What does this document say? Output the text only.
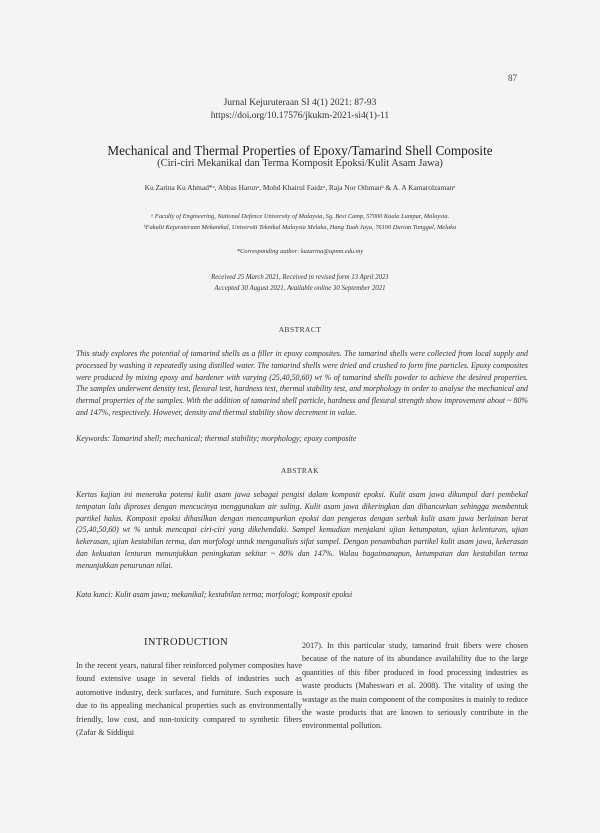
87
Jurnal Kejuruteraan SI 4(1) 2021: 87-93
https://doi.org/10.17576/jkukm-2021-si4(1)-11
Mechanical and Thermal Properties of Epoxy/Tamarind Shell Composite
(Ciri-ciri Mekanikal dan Terma Komposit Epoksi/Kulit Asam Jawa)
Ku Zarina Ku Ahmad*ᵃ, Abbas Harunᵃ, Mohd Khairul Faidzᵃ, Raja Nor Othmanᵇ & A. A Kamarolzamanᵃ
ᵃ Faculty of Engineering, National Defence University of Malaysia, Sg. Besi Camp, 57000 Kuala Lumpur, Malaysia.
ᵇFakulti Kejuruteraan Mekanikal, Universiti Teknikal Malaysia Melaka, Hang Tuah Jaya, 76100 Durian Tunggal, Melaka
*Corresponding author: kuzarina@upnm.edu.my
Received 25 March 2021, Received in revised form 13 April 2021
Accepted 30 August 2021, Available online 30 September 2021
ABSTRACT
This study explores the potential of tamarind shells as a filler in epoxy composites. The tamarind shells were collected from local supply and processed by washing it repeatedly using distilled water. The tamarind shells were dried and crushed to form fine particles. Epoxy composites were produced by mixing epoxy and hardener with varying (25,40,50,60) wt % of tamarind shells powder to achieve the desired properties. The samples underwent density test, flexural test, hardness test, thermal stability test, and morphology in order to analyse the mechanical and thermal properties of the samples. With the addition of tamarind shell particle, hardness and flexural strength show improvement about ~ 80% and 147%, respectively. However, density and thermal stability show decrement in value.
Keywords: Tamarind shell; mechanical; thermal stability; morphology; epoxy composite
ABSTRAK
Kertas kajian ini meneroka potensi kulit asam jawa sebagai pengisi dalam komposit epoksi. Kulit asam jawa dikumpul dari pembekal tempatan lalu diproses dengan mencucinya menggunakan air suling. Kulit asam jawa dikeringkan dan dihancurkan sehingga membentuk partikel halus. Komposit epoksi dihasilkan dengan mencampurkan epoksi dan pengeras dengan serbuk kulit asam jawa berlainan berat (25,40,50,60) wt % untuk mencapai ciri-ciri yang dikehendaki. Sampel kemudian menjalani ujian ketumpatan, ujian kelenturan, ujian kekerasan, ujian kestabilan terma, dan morfologi untuk menganalisis sifat sampel. Dengan penambahan partikel kulit asam jawa, kekerasan dan kekuatan lenturan menunjukkan peningkatan sekitar ~ 80% dan 147%. Walau bagaimanapun, ketumpatan dan kestabilan terma menunjukkan penurunan nilai.
Kata kunci: Kulit asam jawa; mekanikal; kestabilan terma; morfologi; komposit epoksi
INTRODUCTION
In the recent years, natural fiber reinforced polymer composites have found extensive usage in several fields of industries such as automotive industry, deck surfaces, and furniture. Such exposure is due to its appealing mechanical properties such as environmentally friendly, low cost, and non-toxicity compared to synthetic fibers (Zafar & Siddiqui
2017). In this particular study, tamarind fruit fibers were chosen because of the nature of its abundance availability due to the large quantities of this fiber produced in food processing industries as waste products (Maheswari et al. 2008). The vitality of using the wastage as the main component of the composites is mainly to reduce the waste products that are known to seriously contribute in the environmental pollution.
